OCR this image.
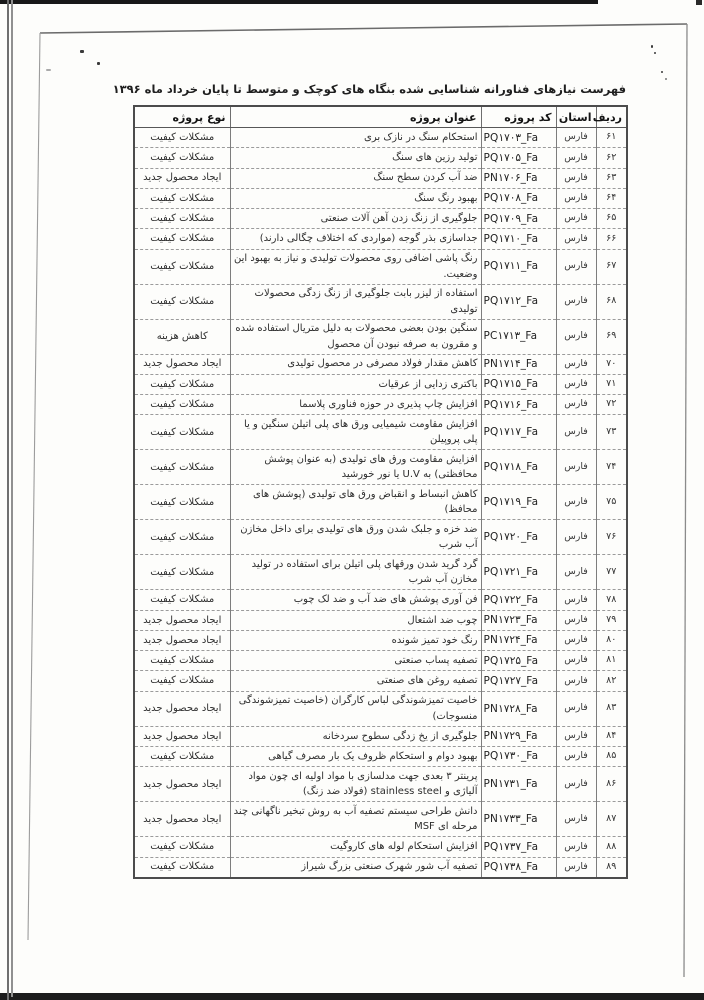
فهرست نیازهای فناورانه شناسایی شده بنگاه های کوچک و متوسط تا پایان خرداد ماه ۱۳۹۶
ردیف	استان	کد پروژه	عنوان پروژه	نوع پروژه
۶۱	فارس	PQ۱۷۰۳_Fa	استحکام سنگ در نازک بری	مشکلات کیفیت
۶۲	فارس	PQ۱۷۰۵_Fa	تولید رزین های سنگ	مشکلات کیفیت
۶۳	فارس	PN۱۷۰۶_Fa	ضد آب کردن سطح سنگ	ایجاد محصول جدید
۶۴	فارس	PQ۱۷۰۸_Fa	بهبود رنگ سنگ	مشکلات کیفیت
۶۵	فارس	PQ۱۷۰۹_Fa	جلوگیری از زنگ زدن آهن آلات صنعتی	مشکلات کیفیت
۶۶	فارس	PQ۱۷۱۰_Fa	جداسازی بذر گوجه (مواردی که اختلاف چگالی دارند)	مشکلات کیفیت
۶۷	فارس	PQ۱۷۱۱_Fa	رنگ پاشی اضافی روی محصولات تولیدی و نیاز به بهبود این وضعیت.	مشکلات کیفیت
۶۸	فارس	PQ۱۷۱۲_Fa	استفاده از لیزر بابت جلوگیری از زنگ زدگی محصولات تولیدی	مشکلات کیفیت
۶۹	فارس	PC۱۷۱۳_Fa	سنگین بودن بعضی محصولات به دلیل متریال استفاده شده و مقرون به صرفه نبودن آن محصول	کاهش هزینه
۷۰	فارس	PN۱۷۱۴_Fa	کاهش مقدار فولاد مصرفی در محصول تولیدی	ایجاد محصول جدید
۷۱	فارس	PQ۱۷۱۵_Fa	باکتری زدایی از عرقیات	مشکلات کیفیت
۷۲	فارس	PQ۱۷۱۶_Fa	افزایش چاپ پذیری در حوزه فناوری پلاسما	مشکلات کیفیت
۷۳	فارس	PQ۱۷۱۷_Fa	افزایش مقاومت شیمیایی ورق های پلی اتیلن سنگین و یا پلی پروپیلن	مشکلات کیفیت
۷۴	فارس	PQ۱۷۱۸_Fa	افزایش مقاومت ورق های تولیدی (به عنوان پوشش محافظتی) به U.V یا نور خورشید	مشکلات کیفیت
۷۵	فارس	PQ۱۷۱۹_Fa	کاهش انبساط و انقباض ورق های تولیدی (پوشش های محافظ)	مشکلات کیفیت
۷۶	فارس	PQ۱۷۲۰_Fa	ضد خزه و جلبک شدن ورق های تولیدی برای داخل مخازن آب شرب	مشکلات کیفیت
۷۷	فارس	PQ۱۷۲۱_Fa	گرد گرید شدن ورقهای پلی اتیلن برای استفاده در تولید مخازن آب شرب	مشکلات کیفیت
۷۸	فارس	PQ۱۷۲۲_Fa	فن آوری پوشش های ضد آب و ضد لک چوب	مشکلات کیفیت
۷۹	فارس	PN۱۷۲۳_Fa	چوب ضد اشتعال	ایجاد محصول جدید
۸۰	فارس	PN۱۷۲۴_Fa	رنگ خود تمیز شونده	ایجاد محصول جدید
۸۱	فارس	PQ۱۷۲۵_Fa	تصفیه پساب صنعتی	مشکلات کیفیت
۸۲	فارس	PQ۱۷۲۷_Fa	تصفیه روغن های صنعتی	مشکلات کیفیت
۸۳	فارس	PN۱۷۲۸_Fa	خاصیت تمیزشوندگی لباس کارگران (خاصیت تمیزشوندگی منسوجات)	ایجاد محصول جدید
۸۴	فارس	PN۱۷۲۹_Fa	جلوگیری از یخ زدگی سطوح سردخانه	ایجاد محصول جدید
۸۵	فارس	PQ۱۷۳۰_Fa	بهبود دوام و استحکام ظروف یک بار مصرف گیاهی	مشکلات کیفیت
۸۶	فارس	PN۱۷۳۱_Fa	پرینتر ۳ بعدی جهت مدلسازی با مواد اولیه ای چون مواد آلیاژی و stainless steel (فولاد ضد زنگ)	ایجاد محصول جدید
۸۷	فارس	PN۱۷۳۳_Fa	دانش طراحی سیستم تصفیه آب به روش تبخیر ناگهانی چند مرحله ای MSF	ایجاد محصول جدید
۸۸	فارس	PQ۱۷۳۷_Fa	افزایش استحکام لوله های کاروگیت	مشکلات کیفیت
۸۹	فارس	PQ۱۷۳۸_Fa	تصفیه آب شور شهرک صنعتی بزرگ شیراز	مشکلات کیفیت
